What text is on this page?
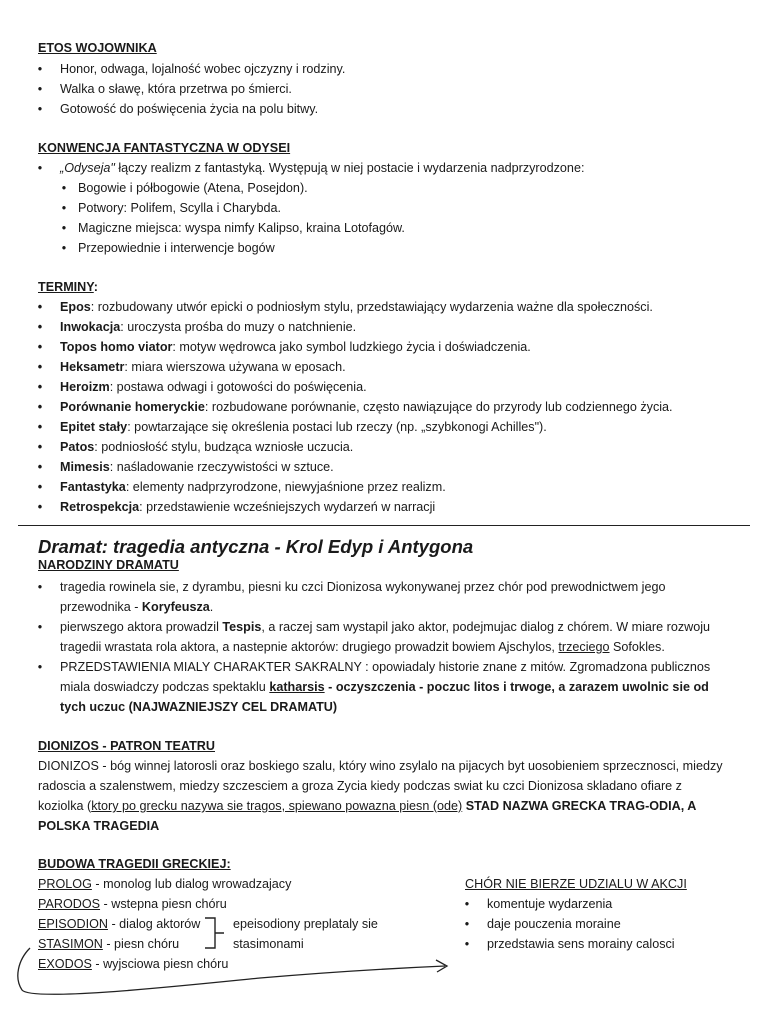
ETOS WOJOWNIKA
• Honor, odwaga, lojalność wobec ojczyzny i rodziny.
• Walka o sławę, która przetrwa po śmierci.
• Gotowość do poświęcenia życia na polu bitwy.
KONWENCJA FANTASTYCZNA W ODYSEI
• „Odyseja" łączy realizm z fantastyką. Występują w niej postacie i wydarzenia nadprzyrodzone:
• Bogowie i półbogowie (Atena, Posejdon).
• Potwory: Polifem, Scylla i Charybda.
• Magiczne miejsca: wyspa nimfy Kalipso, kraina Lotofagów.
• Przepowiednie i interwencje bogów
TERMINY:
• Epos: rozbudowany utwór epicki o podniosłym stylu, przedstawiający wydarzenia ważne dla społeczności.
• Inwokacja: uroczysta prośba do muzy o natchnienie.
• Topos homo viator: motyw wędrowca jako symbol ludzkiego życia i doświadczenia.
• Heksametr: miara wierszowa używana w eposach.
• Heroizm: postawa odwagi i gotowości do poświęcenia.
• Porównanie homeryckie: rozbudowane porównanie, często nawiązujące do przyrody lub codziennego życia.
• Epitet stały: powtarzające się określenia postaci lub rzeczy (np. „szybkonogi Achilles").
• Patos: podniosłość stylu, budząca wzniosłe uczucia.
• Mimesis: naśladowanie rzeczywistości w sztuce.
• Fantastyka: elementy nadprzyrodzone, niewyjaśnione przez realizm.
• Retrospekcja: przedstawienie wcześniejszych wydarzeń w narracji
Dramat: tragedia antyczna - Krol Edyp i Antygona
NARODZINY DRAMATU
• tragedia rowinela sie, z dyrambu, piesni ku czci Dionizosa wykonywanej przez chór pod prewodnictwem jego
przewodnika - Koryfeusza.
• pierwszego aktora prowadzil Tespis, a raczej sam wystapil jako aktor, podejmujac dialog z chórem. W miare rozwoju
tragedii wrastata rola aktora, a nastepnie aktorów: drugiego prowadzit bowiem Ajschylos, trzeciego Sofokles.
• PRZEDSTAWIENIA MIALY CHARAKTER SAKRALNY : opowiadaly historie znane z mitów. Zgromadzona publicznos
miala doswiadczy podczas spektaklu katharsis - oczyszczenia - poczuc litos i trwoge, a zarazem uwolnic sie od
tych uczuc (NAJWAZNIEJSZY CEL DRAMATU)
DIONIZOS - PATRON TEATRU
DIONIZOS - bóg winnej latorosli oraz boskiego szalu, który wino zsylalo na pijacych byt uosobieniem sprzecznosci, miedzy
radoscia a szalenstwem, miedzy szczesciem a groza Zycia kiedy podczas swiat ku czci Dionizosa skladano ofiare z
koziolka (ktory po grecku nazywa sie tragos, spiewano powazna piesn (ode) STAD NAZWA GRECKA TRAG-ODIA, A
POLSKA TRAGEDIA
BUDOWA TRAGEDII GRECKIEJ:
PROLOG - monolog lub dialog wrowadzajacy
PARODOS - wstepna piesn chóru
EPISODION - dialog aktorów
STASIMON - piesn chóru
EXODOS - wyjsciowa piesn chóru
epeisodiony preplataly sie
stasimonami
CHÓR NIE BIERZE UDZIALU W AKCJI
• komentuje wydarzenia
• daje pouczenia moraine
• przedstawia sens morainy calosci
